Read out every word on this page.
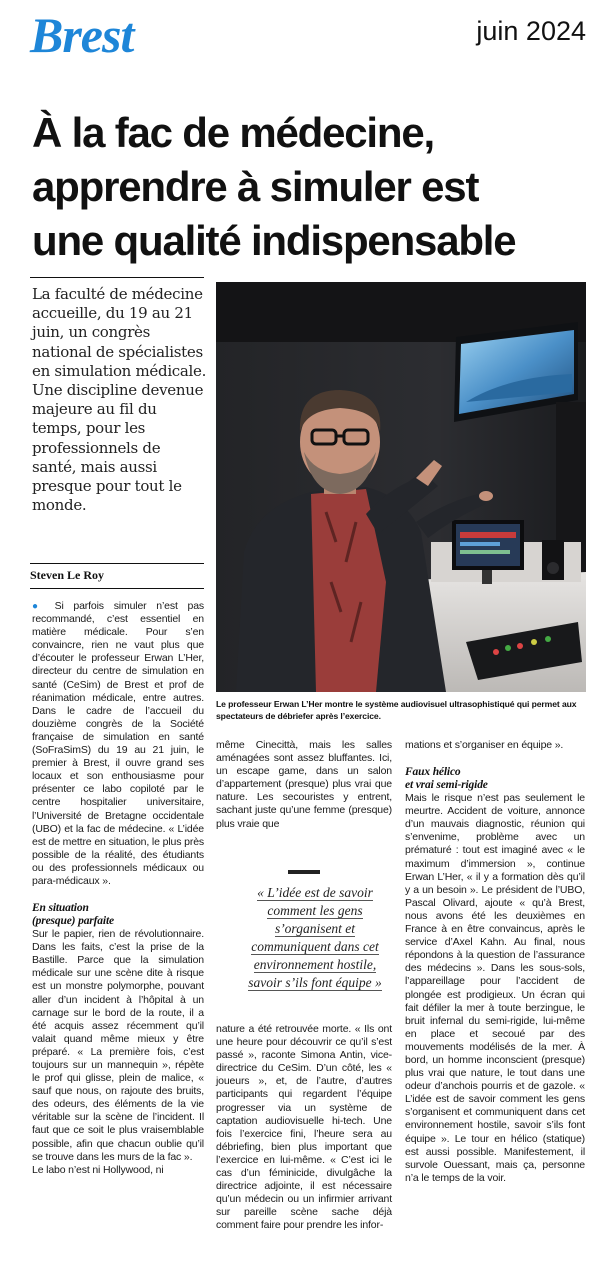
Brest	juin 2024
À la fac de médecine,
apprendre à simuler est
une qualité indispensable
La faculté de médecine accueille, du 19 au 21 juin, un congrès national de spécialistes en simulation médicale. Une discipline devenue majeure au fil du temps, pour les professionnels de santé, mais aussi presque pour tout le monde.
Steven Le Roy
Le professeur Erwan L’Her montre le système audiovisuel ultrasophistiqué qui permet aux spectateurs de débriefer après l’exercice.

● Si parfois simuler n’est pas recommandé, c’est essentiel en matière médicale. Pour s’en convaincre, rien ne vaut plus que d’écouter le professeur Erwan L’Her, directeur du centre de simulation en santé (CeSim) de Brest et prof de réanimation médicale, entre autres. Dans le cadre de l’accueil du douzième congrès de la Société française de simulation en santé (SoFraSimS) du 19 au 21 juin, le premier à Brest, il ouvre grand ses locaux et son enthousiasme pour présenter ce labo copiloté par le centre hospitalier universitaire, l’Université de Bretagne occidentale (UBO) et la fac de médecine. « L’idée est de mettre en situation, le plus près possible de la réalité, des étudiants ou des professionnels médicaux ou para-médicaux ».

En situation
(presque) parfaite

Sur le papier, rien de révolutionnaire. Dans les faits, c’est la prise de la Bastille. Parce que la simulation médicale sur une scène dite à risque est un monstre polymorphe, pouvant aller d’un incident à l’hôpital à un carnage sur le bord de la route, il a été acquis assez récemment qu’il valait quand même mieux y être préparé. « La première fois, c’est toujours sur un mannequin », répète le prof qui glisse, plein de malice, « sauf que nous, on rajoute des bruits, des odeurs, des éléments de la vie véritable sur la scène de l’incident. Il faut que ce soit le plus vraisemblable possible, afin que chacun oublie qu’il se trouve dans les murs de la fac ».

Le labo n’est ni Hollywood, ni

même Cinecittà, mais les salles aménagées sont assez bluffantes. Ici, un escape game, dans un salon d’appartement (presque) plus vrai que nature. Les secouristes y entrent, sachant juste qu’une femme (presque) plus vraie que

« L’idée est de savoir
comment les gens
s’organisent et
communiquent dans cet
environnement hostile,
savoir s’ils font équipe »

nature a été retrouvée morte. « Ils ont une heure pour découvrir ce qu’il s’est passé », raconte Simona Antin, vice-directrice du CeSim. D’un côté, les « joueurs », et, de l’autre, d’autres participants qui regardent l’équipe progresser via un système de captation audiovisuelle hi-tech. Une fois l’exercice fini, l’heure sera au débriefing, bien plus important que l’exercice en lui-même. « C’est ici le cas d’un féminicide, divulgâche la directrice adjointe, il est nécessaire qu’un médecin ou un infirmier arrivant sur pareille scène sache déjà comment faire pour prendre les infor-

mations et s’organiser en équipe ».

Faux hélico
et vrai semi-rigide

Mais le risque n’est pas seulement le meurtre. Accident de voiture, annonce d’un mauvais diagnostic, réunion qui s’envenime, problème avec un prématuré : tout est imaginé avec « le maximum d’immersion », continue Erwan L’Her, « il y a formation dès qu’il y a un besoin ». Le président de l’UBO, Pascal Olivard, ajoute « qu’à Brest, nous avons été les deuxièmes en France à en être convaincus, après le service d’Axel Kahn. Au final, nous répondons à la question de l’assurance des médecins ». Dans les sous-sols, l’appareillage pour l’accident de plongée est prodigieux. Un écran qui fait défiler la mer à toute berzingue, le bruit infernal du semi-rigide, lui-même en place et secoué par des mouvements modélisés de la mer. À bord, un homme inconscient (presque) plus vrai que nature, le tout dans une odeur d’anchois pourris et de gazole. « L’idée est de savoir comment les gens s’organisent et communiquent dans cet environnement hostile, savoir s’ils font équipe ». Le tour en hélico (statique) est aussi possible. Manifestement, il survole Ouessant, mais ça, personne n’a le temps de la voir.
